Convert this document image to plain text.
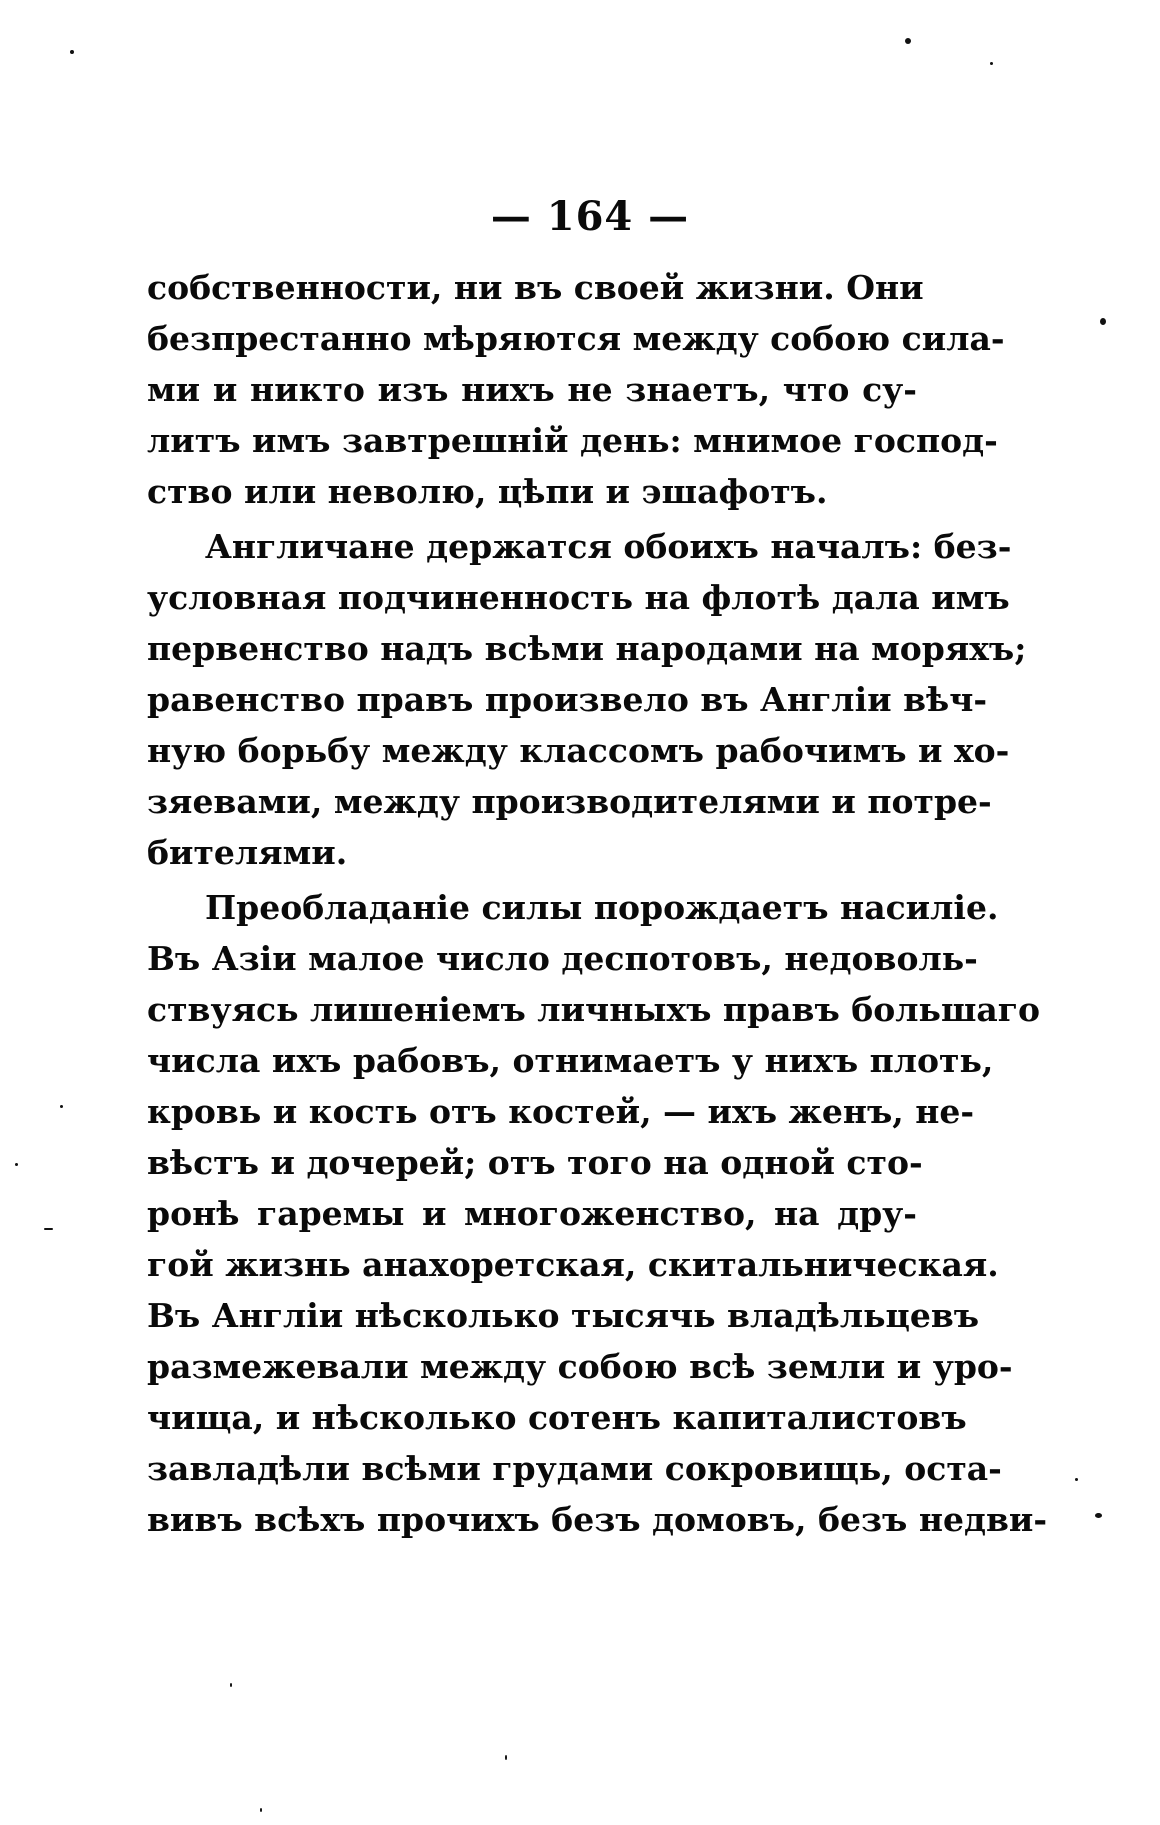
— 164 —
собственности, ни въ своей жизни. Они
безпрестанно мѣряются между собою сила-
ми и никто изъ нихъ не знаетъ, что су-
литъ имъ завтрешній день: мнимое господ-
ство или неволю, цѣпи и эшафотъ.
Англичане держатся обоихъ началъ: без-
условная подчиненность на флотѣ дала имъ
первенство надъ всѣми народами на моряхъ;
равенство правъ произвело въ Англіи вѣч-
ную борьбу между классомъ рабочимъ и хо-
зяевами, между производителями и потре-
бителями.
Преобладаніе силы порождаетъ насиліе.
Въ Азіи малое число деспотовъ, недоволь-
ствуясь лишеніемъ личныхъ правъ большаго
числа ихъ рабовъ, отнимаетъ у нихъ плоть,
кровь и кость отъ костей, — ихъ женъ, не-
вѣстъ и дочерей; отъ того на одной сто-
ронѣ гаремы и многоженство, на дру-
гой жизнь анахоретская, скитальническая.
Въ Англіи нѣсколько тысячь владѣльцевъ
размежевали между собою всѣ земли и уро-
чища, и нѣсколько сотенъ капиталистовъ
завладѣли всѣми грудами сокровищь, оста-
вивъ всѣхъ прочихъ безъ домовъ, безъ недви-
